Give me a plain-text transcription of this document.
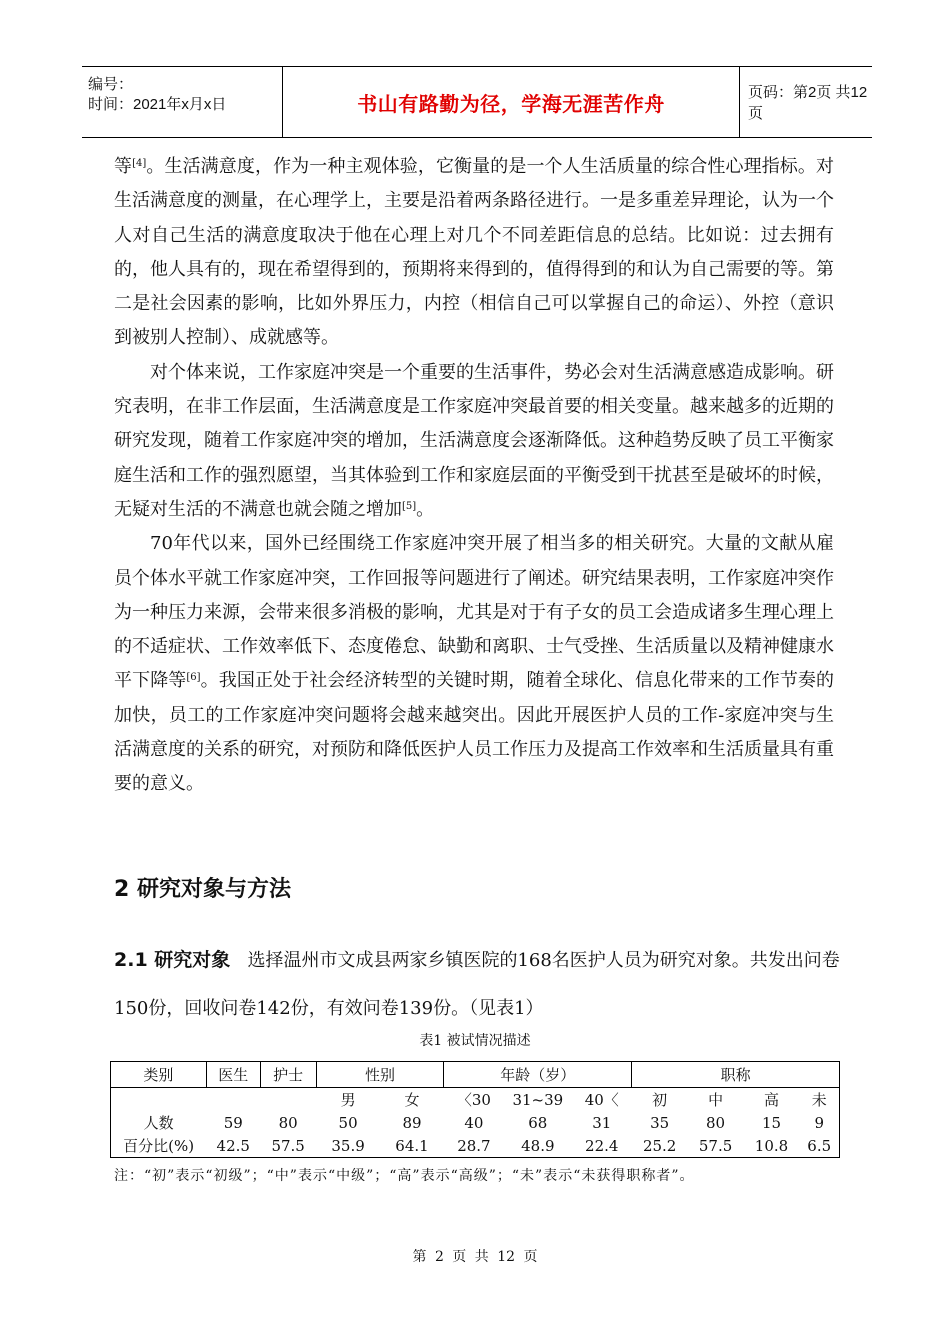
编号：
时间：2021年x月x日	书山有路勤为径，学海无涯苦作舟	页码：第2页 共12页

等[4]。生活满意度，作为一种主观体验，它衡量的是一个人生活质量的综合性心理指标。对生活满意度的测量，在心理学上，主要是沿着两条路径进行。一是多重差异理论，认为一个人对自己生活的满意度取决于他在心理上对几个不同差距信息的总结。比如说：过去拥有的，他人具有的，现在希望得到的，预期将来得到的，值得得到的和认为自己需要的等。第二是社会因素的影响，比如外界压力，内控（相信自己可以掌握自己的命运）、外控（意识到被别人控制）、成就感等。

对个体来说，工作家庭冲突是一个重要的生活事件，势必会对生活满意感造成影响。研究表明，在非工作层面，生活满意度是工作家庭冲突最首要的相关变量。越来越多的近期的研究发现，随着工作家庭冲突的增加，生活满意度会逐渐降低。这种趋势反映了员工平衡家庭生活和工作的强烈愿望，当其体验到工作和家庭层面的平衡受到干扰甚至是破坏的时候，无疑对生活的不满意也就会随之增加[5]。

70年代以来，国外已经围绕工作家庭冲突开展了相当多的相关研究。大量的文献从雇员个体水平就工作家庭冲突，工作回报等问题进行了阐述。研究结果表明，工作家庭冲突作为一种压力来源，会带来很多消极的影响，尤其是对于有子女的员工会造成诸多生理心理上的不适症状、工作效率低下、态度倦怠、缺勤和离职、士气受挫、生活质量以及精神健康水平下降等[6]。我国正处于社会经济转型的关键时期，随着全球化、信息化带来的工作节奏的加快，员工的工作家庭冲突问题将会越来越突出。因此开展医护人员的工作-家庭冲突与生活满意度的关系的研究，对预防和降低医护人员工作压力及提高工作效率和生活质量具有重要的意义。

2 研究对象与方法
2.1 研究对象 选择温州市文成县两家乡镇医院的168名医护人员为研究对象。共发出问卷150份，回收问卷142份，有效问卷139份。（见表1）
表1 被试情况描述
类别	医生	护士	性别		年龄（岁）			职称			
			男	女	〈30	31~39	40〈	初	中	高	未
人数	59	80	50	89	40	68	31	35	80	15	9
百分比(%)	42.5	57.5	35.9	64.1	28.7	48.9	22.4	25.2	57.5	10.8	6.5
注：“初”表示“初级”；“中”表示“中级”；“高”表示“高级”；“未”表示“未获得职称者”。
第 2 页 共 12 页
